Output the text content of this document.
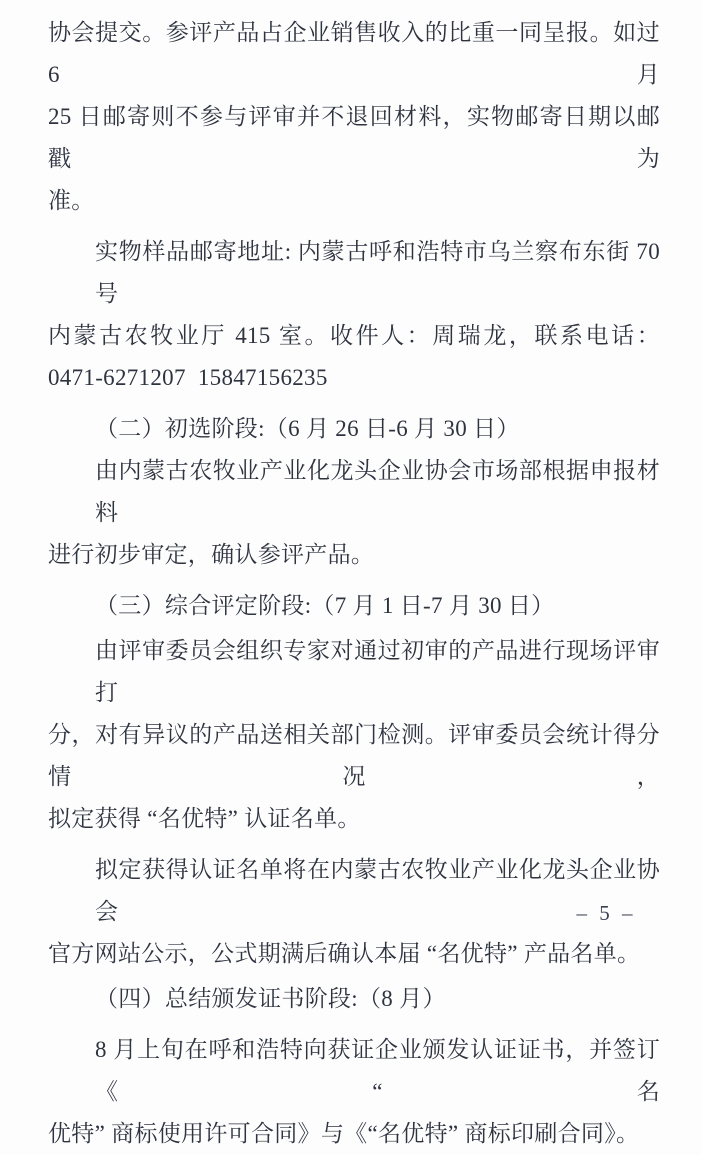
协会提交。参评产品占企业销售收入的比重一同呈报。如过 6 月

25 日邮寄则不参与评审并不退回材料，实物邮寄日期以邮戳为

准。

实物样品邮寄地址: 内蒙古呼和浩特市乌兰察布东街 70 号

内蒙古农牧业厅 415 室。收件人：周瑞龙，联系电话：

0471-6271207  15847156235

（二）初选阶段:（6 月 26 日-6 月 30 日）

由内蒙古农牧业产业化龙头企业协会市场部根据申报材料

进行初步审定，确认参评产品。

（三）综合评定阶段:（7 月 1 日-7 月 30 日）

由评审委员会组织专家对通过初审的产品进行现场评审打

分，对有异议的产品送相关部门检测。评审委员会统计得分情况，

拟定获得 “名优特” 认证名单。

拟定获得认证名单将在内蒙古农牧业产业化龙头企业协会

官方网站公示，公式期满后确认本届 “名优特” 产品名单。

（四）总结颁发证书阶段:（8 月）

8 月上旬在呼和浩特向获证企业颁发认证证书，并签订《“名

优特” 商标使用许可合同》与《“名优特” 商标印刷合同》。

– 5 –
